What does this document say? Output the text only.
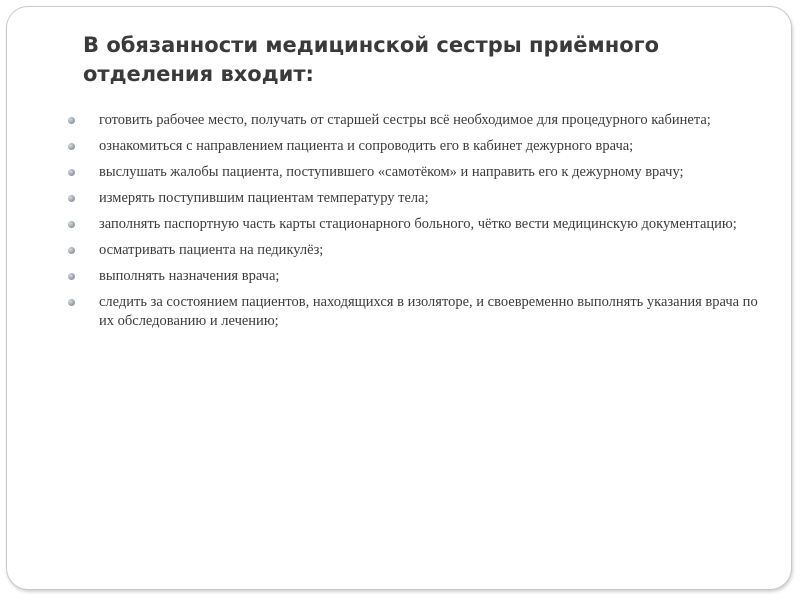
В обязанности медицинской сестры приёмного отделения входит:
готовить рабочее место, получать от старшей сестры всё необходимое для процедурного кабинета;
ознакомиться с направлением пациента и сопроводить его в кабинет дежурного врача;
выслушать жалобы пациента, поступившего «самотёком» и направить его к дежурному врачу;
измерять поступившим пациентам температуру тела;
заполнять паспортную часть карты стационарного больного, чётко вести медицинскую документацию;
осматривать пациента на педикулёз;
выполнять назначения врача;
следить за состоянием пациентов, находящихся в изоляторе, и своевременно выполнять указания врача по их обследованию и лечению;
